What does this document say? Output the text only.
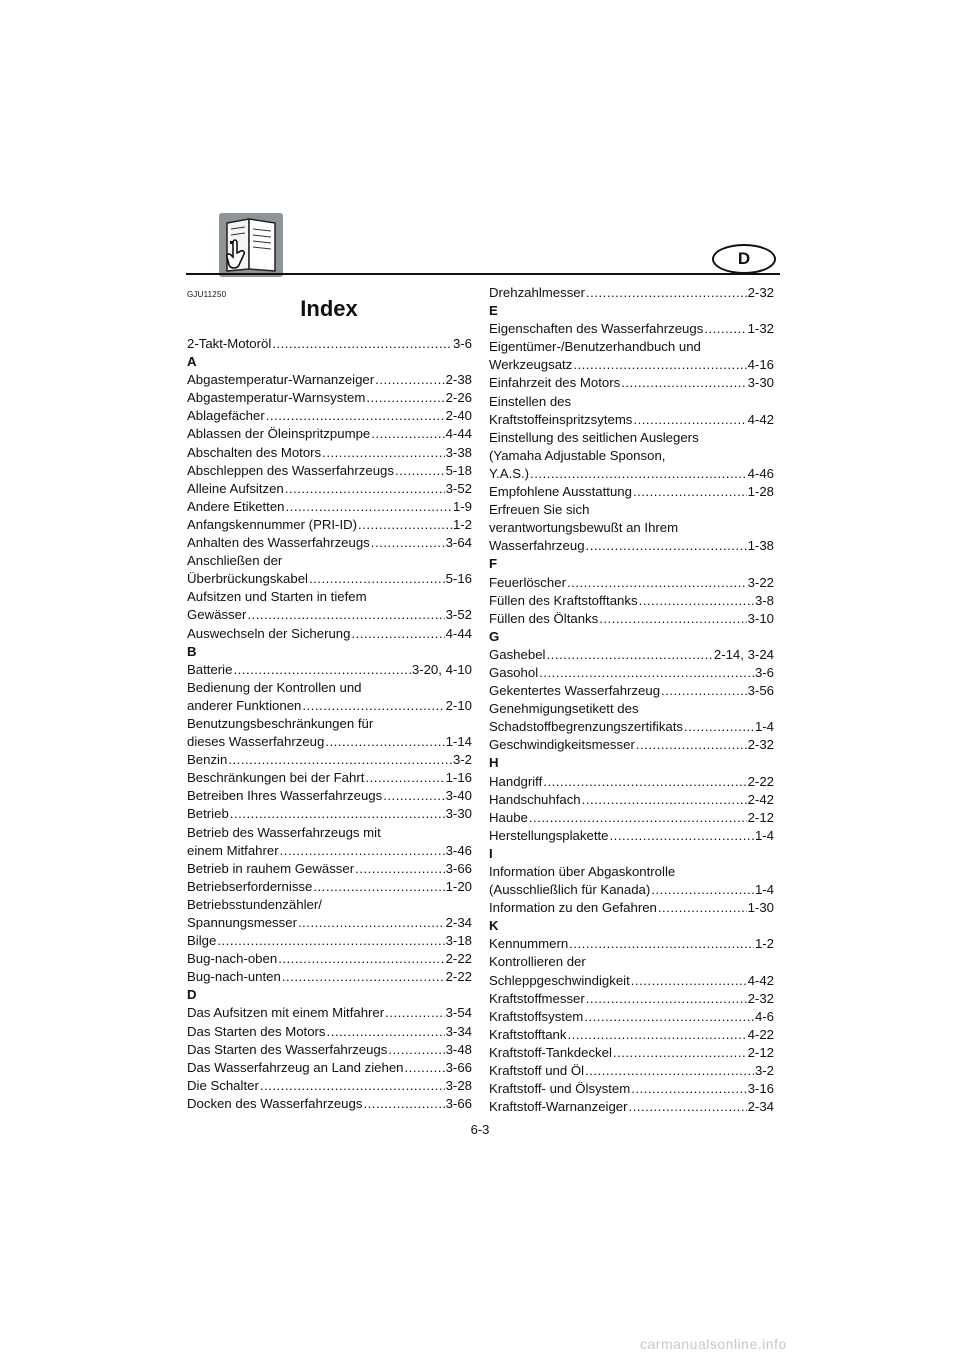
D
GJU11250
Index
2-Takt-Motoröl .....	3-6
A
Abgastemperatur-Warnanzeiger .....	2-38
Abgastemperatur-Warnsystem .....	2-26
Ablagefächer .....	2-40
Ablassen der Öleinspritzpumpe .....	4-44
Abschalten des Motors .....	3-38
Abschleppen des Wasserfahrzeugs .....	5-18
Alleine Aufsitzen .....	3-52
Andere Etiketten .....	1-9
Anfangskennummer (PRI-ID) .....	1-2
Anhalten des Wasserfahrzeugs .....	3-64
Anschließen der
Überbrückungskabel .....	5-16
Aufsitzen und Starten in tiefem
Gewässer .....	3-52
Auswechseln der Sicherung .....	4-44
B
Batterie .....	3-20, 4-10
Bedienung der Kontrollen und
anderer Funktionen .....	2-10
Benutzungsbeschränkungen für
dieses Wasserfahrzeug .....	1-14
Benzin .....	3-2
Beschränkungen bei der Fahrt .....	1-16
Betreiben Ihres Wasserfahrzeugs .....	3-40
Betrieb .....	3-30
Betrieb des Wasserfahrzeugs mit
einem Mitfahrer .....	3-46
Betrieb in rauhem Gewässer .....	3-66
Betriebserfordernisse .....	1-20
Betriebsstundenzähler/
Spannungsmesser .....	2-34
Bilge .....	3-18
Bug-nach-oben .....	2-22
Bug-nach-unten .....	2-22
D
Das Aufsitzen mit einem Mitfahrer .....	3-54
Das Starten des Motors .....	3-34
Das Starten des Wasserfahrzeugs .....	3-48
Das Wasserfahrzeug an Land ziehen .....	3-66
Die Schalter .....	3-28
Docken des Wasserfahrzeugs .....	3-66
Drehzahlmesser .....	2-32
E
Eigenschaften des Wasserfahrzeugs .....	1-32
Eigentümer-/Benutzerhandbuch und
Werkzeugsatz .....	4-16
Einfahrzeit des Motors .....	3-30
Einstellen des
Kraftstoffeinspritzsytems .....	4-42
Einstellung des seitlichen Auslegers
(Yamaha Adjustable Sponson,
Y.A.S.) .....	4-46
Empfohlene Ausstattung .....	1-28
Erfreuen Sie sich
verantwortungsbewußt an Ihrem
Wasserfahrzeug .....	1-38
F
Feuerlöscher .....	3-22
Füllen des Kraftstofftanks .....	3-8
Füllen des Öltanks .....	3-10
G
Gashebel .....	2-14, 3-24
Gasohol .....	3-6
Gekentertes Wasserfahrzeug .....	3-56
Genehmigungsetikett des
Schadstoffbegrenzungszertifikats .....	1-4
Geschwindigkeitsmesser .....	2-32
H
Handgriff .....	2-22
Handschuhfach .....	2-42
Haube .....	2-12
Herstellungsplakette .....	1-4
I
Information über Abgaskontrolle
(Ausschließlich für Kanada) .....	1-4
Information zu den Gefahren .....	1-30
K
Kennummern .....	1-2
Kontrollieren der
Schleppgeschwindigkeit .....	4-42
Kraftstoffmesser .....	2-32
Kraftstoffsystem .....	4-6
Kraftstofftank .....	4-22
Kraftstoff-Tankdeckel .....	2-12
Kraftstoff und Öl .....	3-2
Kraftstoff- und Ölsystem .....	3-16
Kraftstoff-Warnanzeiger .....	2-34
6-3
carmanualsonline.info
